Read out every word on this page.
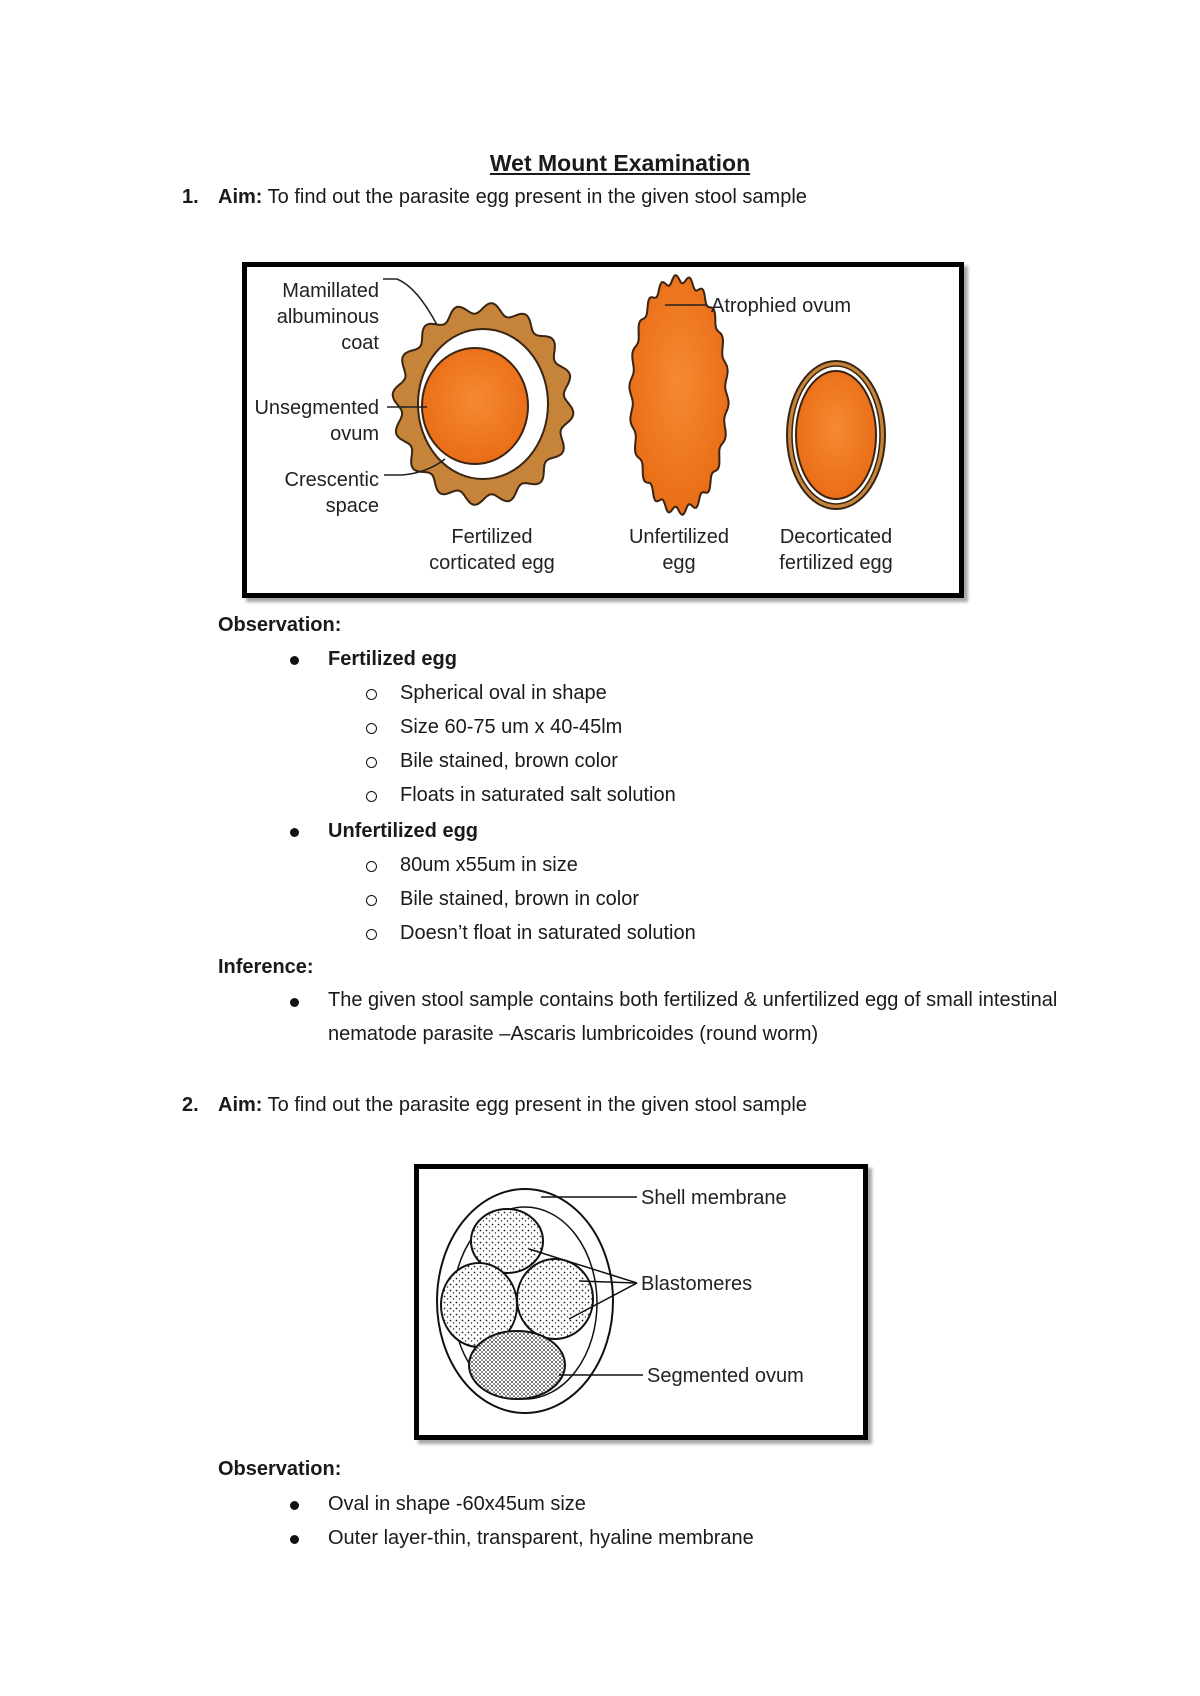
Wet Mount Examination
1. Aim: To find out the parasite egg present in the given stool sample
Mamillated
albuminous
coat
Unsegmented
ovum
Crescentic
space
Fertilized
corticated egg
Unfertilized
egg
Decorticated
fertilized egg
Atrophied ovum
Observation:
Fertilized egg
Spherical oval in shape
Size 60-75 um x 40-45lm
Bile stained, brown color
Floats in saturated salt solution
Unfertilized egg
80um x55um in size
Bile stained, brown in color
Doesn’t float in saturated solution
Inference:
The given stool sample contains both fertilized & unfertilized egg of small intestinal nematode parasite –Ascaris lumbricoides (round worm)
2. Aim: To find out the parasite egg present in the given stool sample
Shell membrane
Blastomeres
Segmented ovum
Observation:
Oval in shape -60x45um size
Outer layer-thin, transparent, hyaline membrane
